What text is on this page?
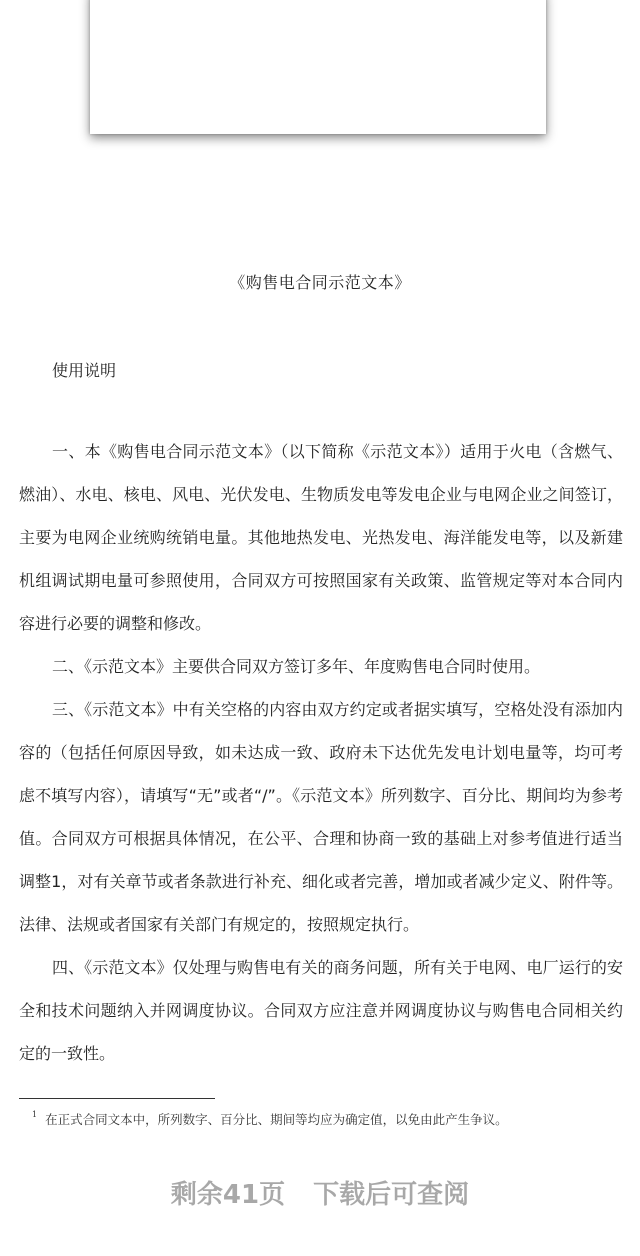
《购售电合同示范文本》
使用说明

一、本《购售电合同示范文本》（以下简称《示范文本》）适用于火电（含燃气、燃油）、水电、核电、风电、光伏发电、生物质发电等发电企业与电网企业之间签订，主要为电网企业统购统销电量。其他地热发电、光热发电、海洋能发电等，以及新建机组调试期电量可参照使用，合同双方可按照国家有关政策、监管规定等对本合同内容进行必要的调整和修改。

二、《示范文本》主要供合同双方签订多年、年度购售电合同时使用。

三、《示范文本》中有关空格的内容由双方约定或者据实填写，空格处没有添加内容的（包括任何原因导致，如未达成一致、政府未下达优先发电计划电量等，均可考虑不填写内容），请填写“无”或者“/”。《示范文本》所列数字、百分比、期间均为参考值。合同双方可根据具体情况，在公平、合理和协商一致的基础上对参考值进行适当调整1，对有关章节或者条款进行补充、细化或者完善，增加或者减少定义、附件等。法律、法规或者国家有关部门有规定的，按照规定执行。

四、《示范文本》仅处理与购售电有关的商务问题，所有关于电网、电厂运行的安全和技术问题纳入并网调度协议。合同双方应注意并网调度协议与购售电合同相关约定的一致性。

$^1$ 在正式合同文本中，所列数字、百分比、期间等均应为确定值，以免由此产生争议。
剩余41页 下载后可查阅
